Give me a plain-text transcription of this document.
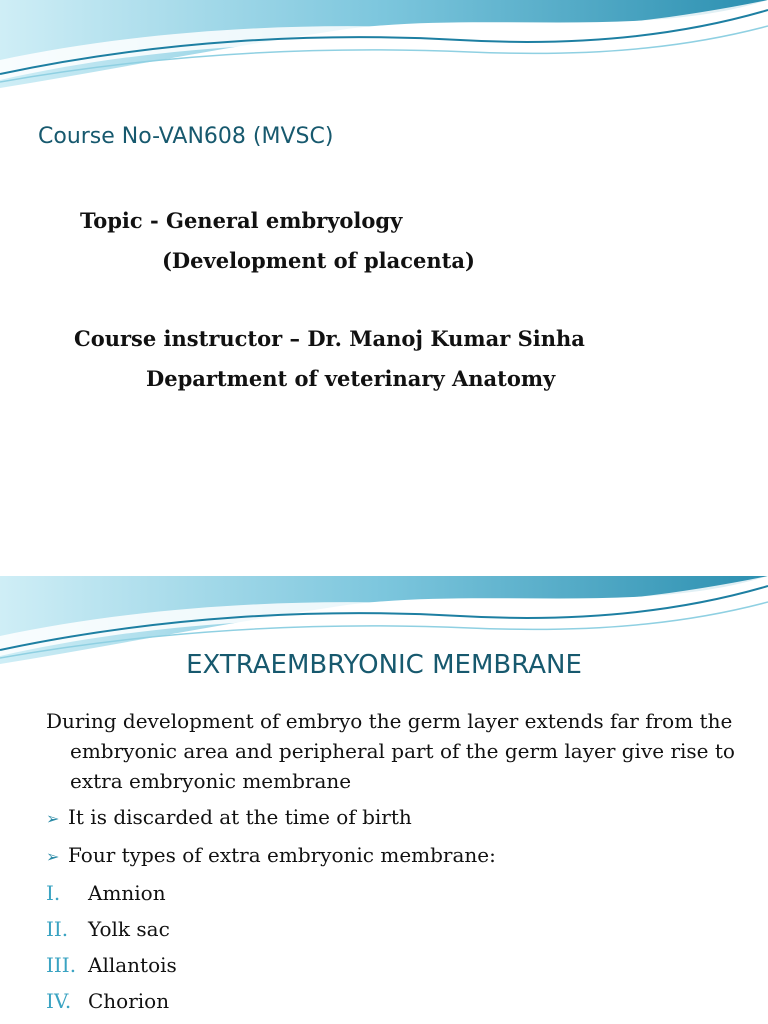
Course No-VAN608 (MVSC)
Topic - General embryology
(Development of placenta)
Course instructor – Dr. Manoj Kumar Sinha
Department of veterinary Anatomy
EXTRAEMBRYONIC MEMBRANE

During development of embryo the germ layer extends far from the embryonic area and peripheral part of the germ layer give rise to extra embryonic membrane

➢ It is discarded at the time of birth
➢ Four types of extra embryonic membrane:
I.	Amnion
II. Yolk sac
III. Allantois
IV. Chorion
